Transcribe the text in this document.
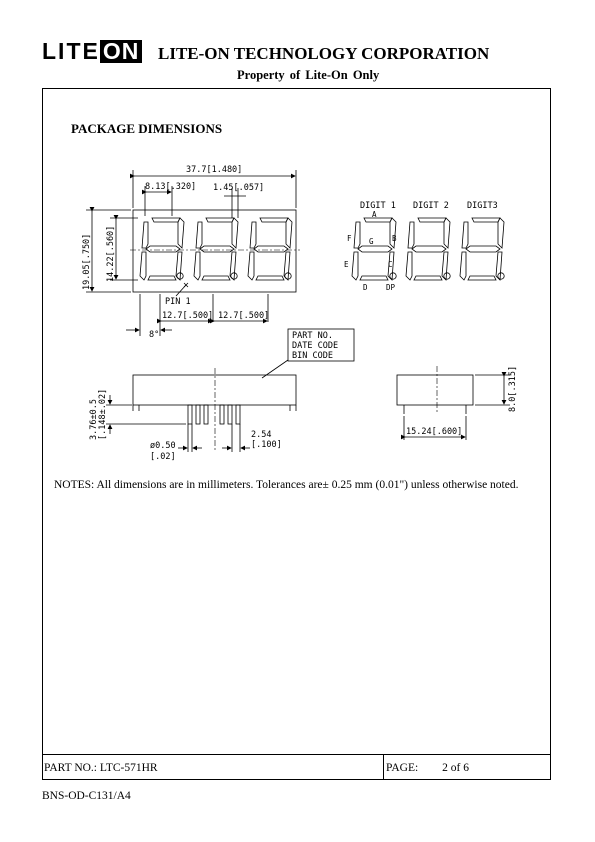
LITE ON LITE-ON TECHNOLOGY CORPORATION
Property of Lite-On Only
PACKAGE DIMENSIONS
37.7[1.480]
8.13[.320] 1.45[.057]
19.05[.750] 14.22[.560]
PIN 1
12.7[.500] 12.7[.500]
8°
DIGIT 1 DIGIT 2 DIGIT3
A
B
C
D
E
F G
DP
PART NO.
DATE CODE
BIN CODE
3.76±0.5 [.148±.02]
ø0.50
[.02]
2.54
[.100]
8.0[.315]
15.24[.600]
NOTES: All dimensions are in millimeters. Tolerances are± 0.25 mm (0.01") unless otherwise noted.
PART NO.: LTC-571HR	PAGE: 2 of 6
BNS-OD-C131/A4
